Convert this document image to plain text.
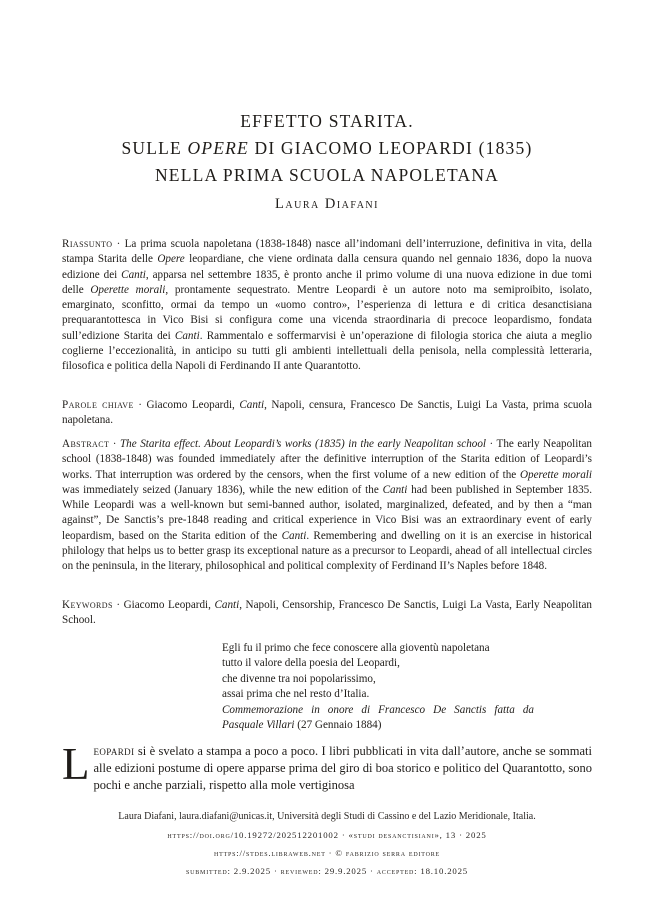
EFFETTO STARITA.
SULLE OPERE DI GIACOMO LEOPARDI (1835)
NELLA PRIMA SCUOLA NAPOLETANA
Laura Diafani
Riassunto · La prima scuola napoletana (1838-1848) nasce all’indomani dell’interruzione, definitiva in vita, della stampa Starita delle Opere leopardiane, che viene ordinata dalla censura quando nel gennaio 1836, dopo la nuova edizione dei Canti, apparsa nel settembre 1835, è pronto anche il primo volume di una nuova edizione in due tomi delle Operette morali, prontamente sequestrato. Mentre Leopardi è un autore noto ma semiproibito, isolato, emarginato, sconfitto, ormai da tempo un «uomo contro», l’esperienza di lettura e di critica desanctisiana prequarantottesca in Vico Bisi si configura come una vicenda straordinaria di precoce leopardismo, fondata sull’edizione Starita dei Canti. Rammentalo e soffermarvisi è un’operazione di filologia storica che aiuta a meglio coglierne l’eccezionalità, in anticipo su tutti gli ambienti intellettuali della penisola, nella complessità letteraria, filosofica e politica della Napoli di Ferdinando II ante Quarantotto.
Parole chiave · Giacomo Leopardi, Canti, Napoli, censura, Francesco De Sanctis, Luigi La Vasta, prima scuola napoletana.
Abstract · The Starita effect. About Leopardi’s works (1835) in the early Neapolitan school · The early Neapolitan school (1838-1848) was founded immediately after the definitive interruption of the Starita edition of Leopardi’s works. That interruption was ordered by the censors, when the first volume of a new edition of the Operette morali was immediately seized (January 1836), while the new edition of the Canti had been published in September 1835. While Leopardi was a well-known but semi-banned author, isolated, marginalized, defeated, and by then a “man against”, De Sanctis’s pre-1848 reading and critical experience in Vico Bisi was an extraordinary event of early leopardism, based on the Starita edition of the Canti. Remembering and dwelling on it is an exercise in historical philology that helps us to better grasp its exceptional nature as a precursor to Leopardi, ahead of all intellectual circles on the peninsula, in the literary, philosophical and political complexity of Ferdinand II’s Naples before 1848.
Keywords · Giacomo Leopardi, Canti, Napoli, Censorship, Francesco De Sanctis, Luigi La Vasta, Early Neapolitan School.
Egli fu il primo che fece conoscere alla gioventù napoletana
tutto il valore della poesia del Leopardi,
che divenne tra noi popolarissimo,
assai prima che nel resto d’Italia.
Commemorazione in onore di Francesco De Sanctis fatta da Pasquale Villari (27 Gennaio 1884)
Leopardi si è svelato a stampa a poco a poco. I libri pubblicati in vita dall’autore, anche se sommati alle edizioni postume di opere apparse prima del giro di boa storico e politico del Quarantotto, sono pochi e anche parziali, rispetto alla mole vertiginosa
Laura Diafani, laura.diafani@unicas.it, Università degli Studi di Cassino e del Lazio Meridionale, Italia.
https://doi.org/10.19272/202512201002 · «studi desanctisiani», 13 · 2025
https://stdes.libraweb.net · © fabrizio serra editore
submitted: 2.9.2025 · reviewed: 29.9.2025 · accepted: 18.10.2025
